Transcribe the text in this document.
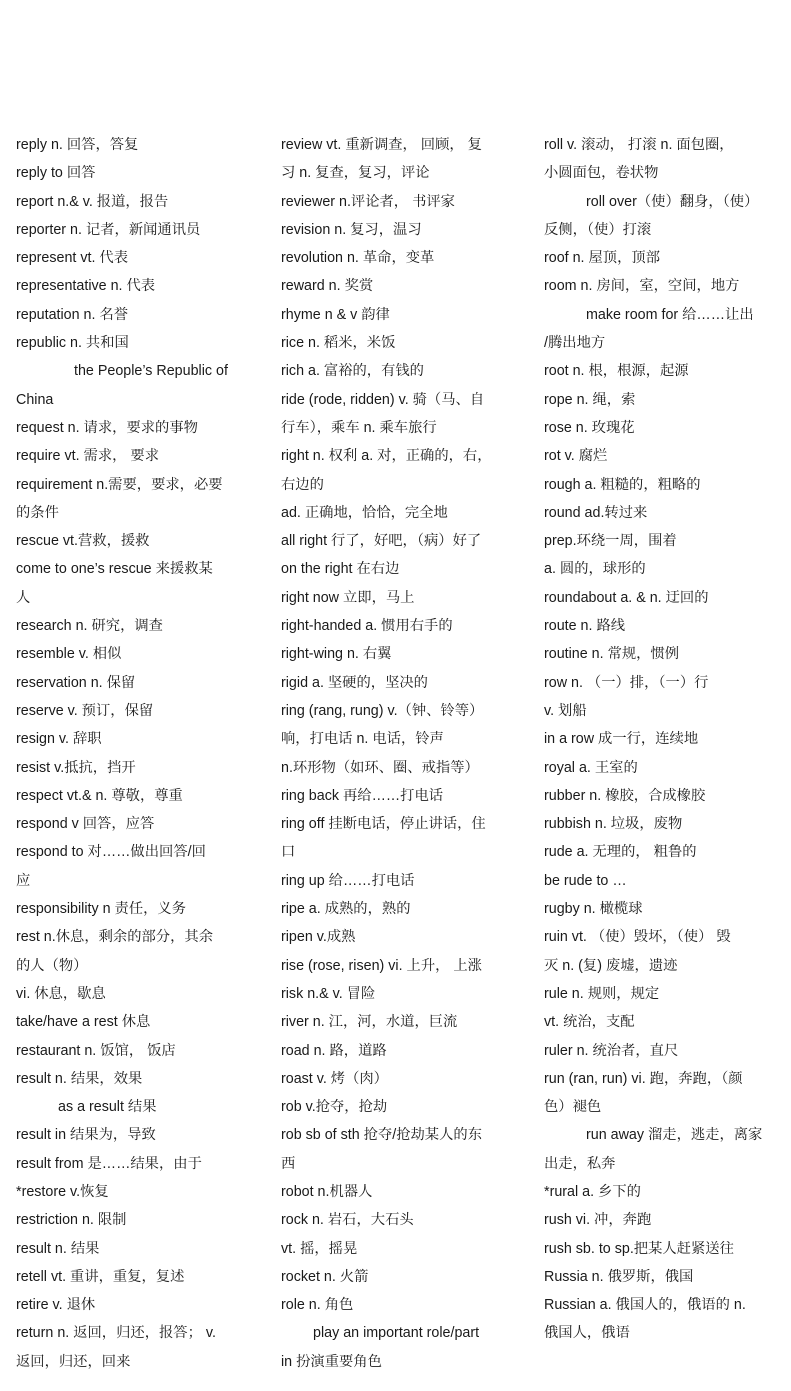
reply n. 回答，答复
reply to 回答
report n.& v. 报道，报告
reporter n. 记者，新闻通讯员
represent vt. 代表
representative n. 代表
reputation n. 名誉
republic n. 共和国
the People’s Republic of
China
request n. 请求，要求的事物
require vt. 需求， 要求
requirement n.需要，要求，必要
的条件
rescue vt.营救，援救
come to one’s rescue 来援救某
人
research n. 研究，调查
resemble v. 相似
reservation n. 保留
reserve v. 预订，保留
resign v. 辞职
resist v.抵抗，挡开
respect vt.& n. 尊敬，尊重
respond v 回答，应答
respond to 对……做出回答/回
应
responsibility n 责任，义务
rest n.休息，剩余的部分，其余
的人（物）
vi. 休息，歇息
take/have a rest 休息
restaurant n. 饭馆， 饭店
result n. 结果，效果
as a result 结果
result in 结果为，导致
result from 是……结果，由于
*restore v.恢复
restriction n. 限制
result n. 结果
retell vt. 重讲，重复，复述
retire v. 退休
return n. 返回，归还，报答； v.
返回，归还，回来
review vt. 重新调查， 回顾， 复
习 n. 复查，复习，评论
reviewer n.评论者， 书评家
revision n. 复习，温习
revolution n. 革命，变革
reward n. 奖赏
rhyme n & v 韵律
rice n. 稻米，米饭
rich a. 富裕的，有钱的
ride (rode, ridden) v. 骑（马、自
行车），乘车 n. 乘车旅行
right n. 权利 a. 对，正确的，右，
右边的
ad. 正确地，恰恰，完全地
all right 行了，好吧，（病）好了
on the right 在右边
right now 立即，马上
right-handed a. 惯用右手的
right-wing n. 右翼
rigid a. 坚硬的，坚决的
ring (rang, rung) v.（钟、铃等）
响，打电话 n. 电话，铃声
n.环形物（如环、圈、戒指等）
ring back 再给……打电话
ring off 挂断电话，停止讲话，住
口
ring up 给……打电话
ripe a. 成熟的，熟的
ripen v.成熟
rise (rose, risen) vi. 上升， 上涨
risk n.& v. 冒险
river n. 江，河，水道，巨流
road n. 路，道路
roast v. 烤（肉）
rob v.抢夺，抢劫
rob sb of sth 抢夺/抢劫某人的东
西
robot n.机器人
rock n. 岩石，大石头
vt. 摇，摇晃
rocket n. 火箭
role n. 角色
play an important role/part
in 扮演重要角色
roll v. 滚动， 打滚 n. 面包圈，
小圆面包，卷状物
roll over（使）翻身，（使）
反侧，（使）打滚
roof n. 屋顶，顶部
room n. 房间，室，空间，地方
make room for 给……让出
/腾出地方
root n. 根，根源，起源
rope n. 绳，索
rose n. 玫瑰花
rot v. 腐烂
rough a. 粗糙的，粗略的
round ad.转过来
prep.环绕一周，围着
a. 圆的，球形的
roundabout a. & n. 迂回的
route n. 路线
routine n. 常规，惯例
row n. （一）排，（一）行
v. 划船
in a row 成一行，连续地
royal a. 王室的
rubber n. 橡胶，合成橡胶
rubbish n. 垃圾，废物
rude a. 无理的， 粗鲁的
be rude to …
rugby n. 橄榄球
ruin vt. （使）毁坏，（使） 毁
灭 n. (复) 废墟，遗迹
rule n. 规则，规定
vt. 统治，支配
ruler n. 统治者，直尺
run (ran, run) vi. 跑，奔跑，（颜
色）褪色
run away 溜走，逃走，离家
出走，私奔
*rural a. 乡下的
rush vi. 冲，奔跑
rush sb. to sp.把某人赶紧送往
Russia n. 俄罗斯，俄国
Russian a. 俄国人的，俄语的 n.
俄国人，俄语
